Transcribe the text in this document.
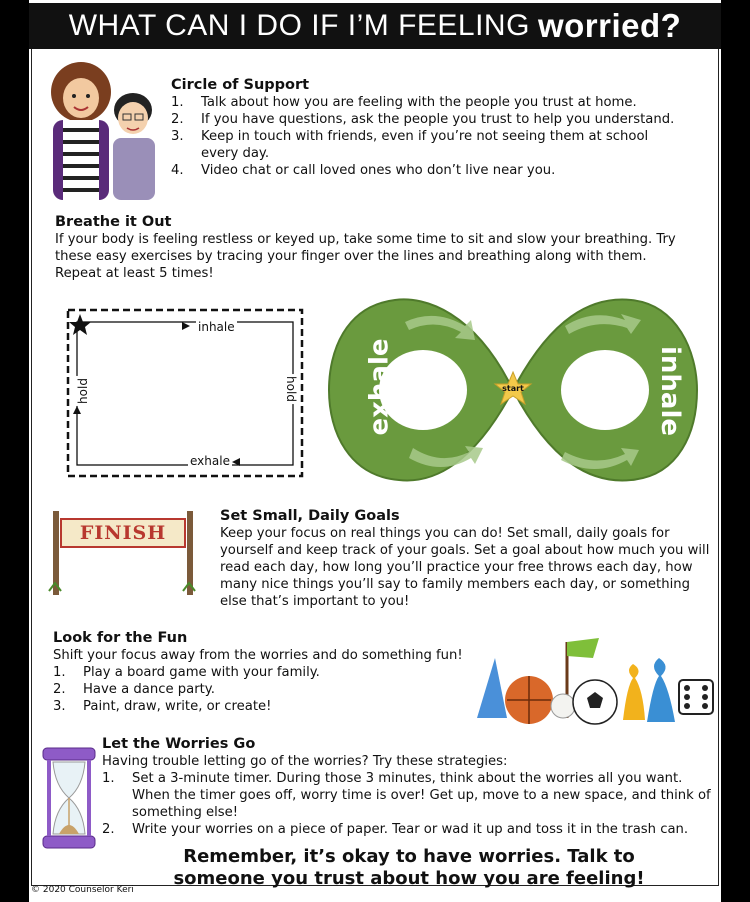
WHAT CAN I DO IF I’M FEELING worried?
Circle of Support
1.	Talk about how you are feeling with the people you trust at home.
2.	If you have questions, ask the people you trust to help you understand.
3.	Keep in touch with friends, even if you’re not seeing them at school every day.
4.	Video chat or call loved ones who don’t live near you.
Breathe it Out
If your body is feeling restless or keyed up, take some time to sit and slow your breathing. Try these easy exercises by tracing your finger over the lines and breathing along with them. Repeat at least 5 times!
inhale
exhale
hold	hold	exhale	inhale
start
FINISH
Set Small, Daily Goals
Keep your focus on real things you can do! Set small, daily goals for yourself and keep track of your goals. Set a goal about how much you will read each day, how long you’ll practice your free throws each day, how many nice things you’ll say to family members each day, or something else that’s important to you!
Look for the Fun
Shift your focus away from the worries and do something fun!
1.	Play a board game with your family.
2.	Have a dance party.
3.	Paint, draw, write, or create!
Let the Worries Go
Having trouble letting go of the worries? Try these strategies:
1.	Set a 3-minute timer. During those 3 minutes, think about the worries all you want. When the timer goes off, worry time is over! Get up, move to a new space, and think of something else!
2.	Write your worries on a piece of paper. Tear or wad it up and toss it in the trash can.
Remember, it’s okay to have worries. Talk to someone you trust about how you are feeling!
© 2020 Counselor Keri
